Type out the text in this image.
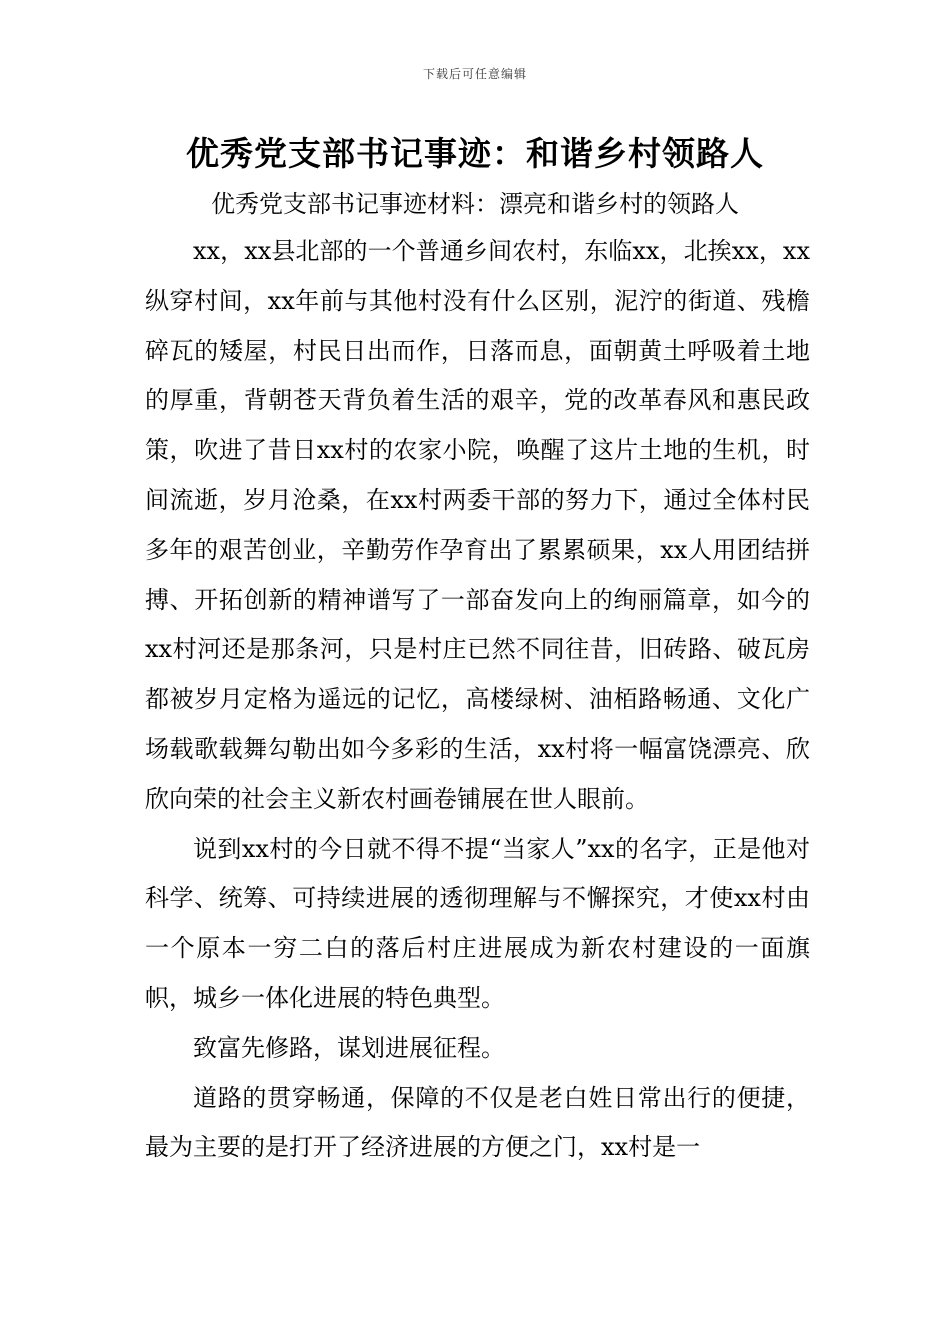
下载后可任意编辑
优秀党支部书记事迹：和谐乡村领路人
优秀党支部书记事迹材料：漂亮和谐乡村的领路人

xx，xx县北部的一个普通乡间农村，东临xx，北挨xx，xx纵穿村间，xx年前与其他村没有什么区别，泥泞的街道、残檐碎瓦的矮屋，村民日出而作，日落而息，面朝黄土呼吸着土地的厚重，背朝苍天背负着生活的艰辛，党的改革春风和惠民政策，吹进了昔日xx村的农家小院，唤醒了这片土地的生机，时间流逝，岁月沧桑，在xx村两委干部的努力下，通过全体村民多年的艰苦创业，辛勤劳作孕育出了累累硕果，xx人用团结拼搏、开拓创新的精神谱写了一部奋发向上的绚丽篇章，如今的xx村河还是那条河，只是村庄已然不同往昔，旧砖路、破瓦房都被岁月定格为遥远的记忆，高楼绿树、油栢路畅通、文化广场载歌载舞勾勒出如今多彩的生活，xx村将一幅富饶漂亮、欣欣向荣的社会主义新农村画卷铺展在世人眼前。

说到xx村的今日就不得不提“当家人”xx的名字，正是他对科学、统筹、可持续进展的透彻理解与不懈探究，才使xx村由一个原本一穷二白的落后村庄进展成为新农村建设的一面旗帜，城乡一体化进展的特色典型。

致富先修路，谋划进展征程。

道路的贯穿畅通，保障的不仅是老白姓日常出行的便捷，最为主要的是打开了经济进展的方便之门，xx村是一
